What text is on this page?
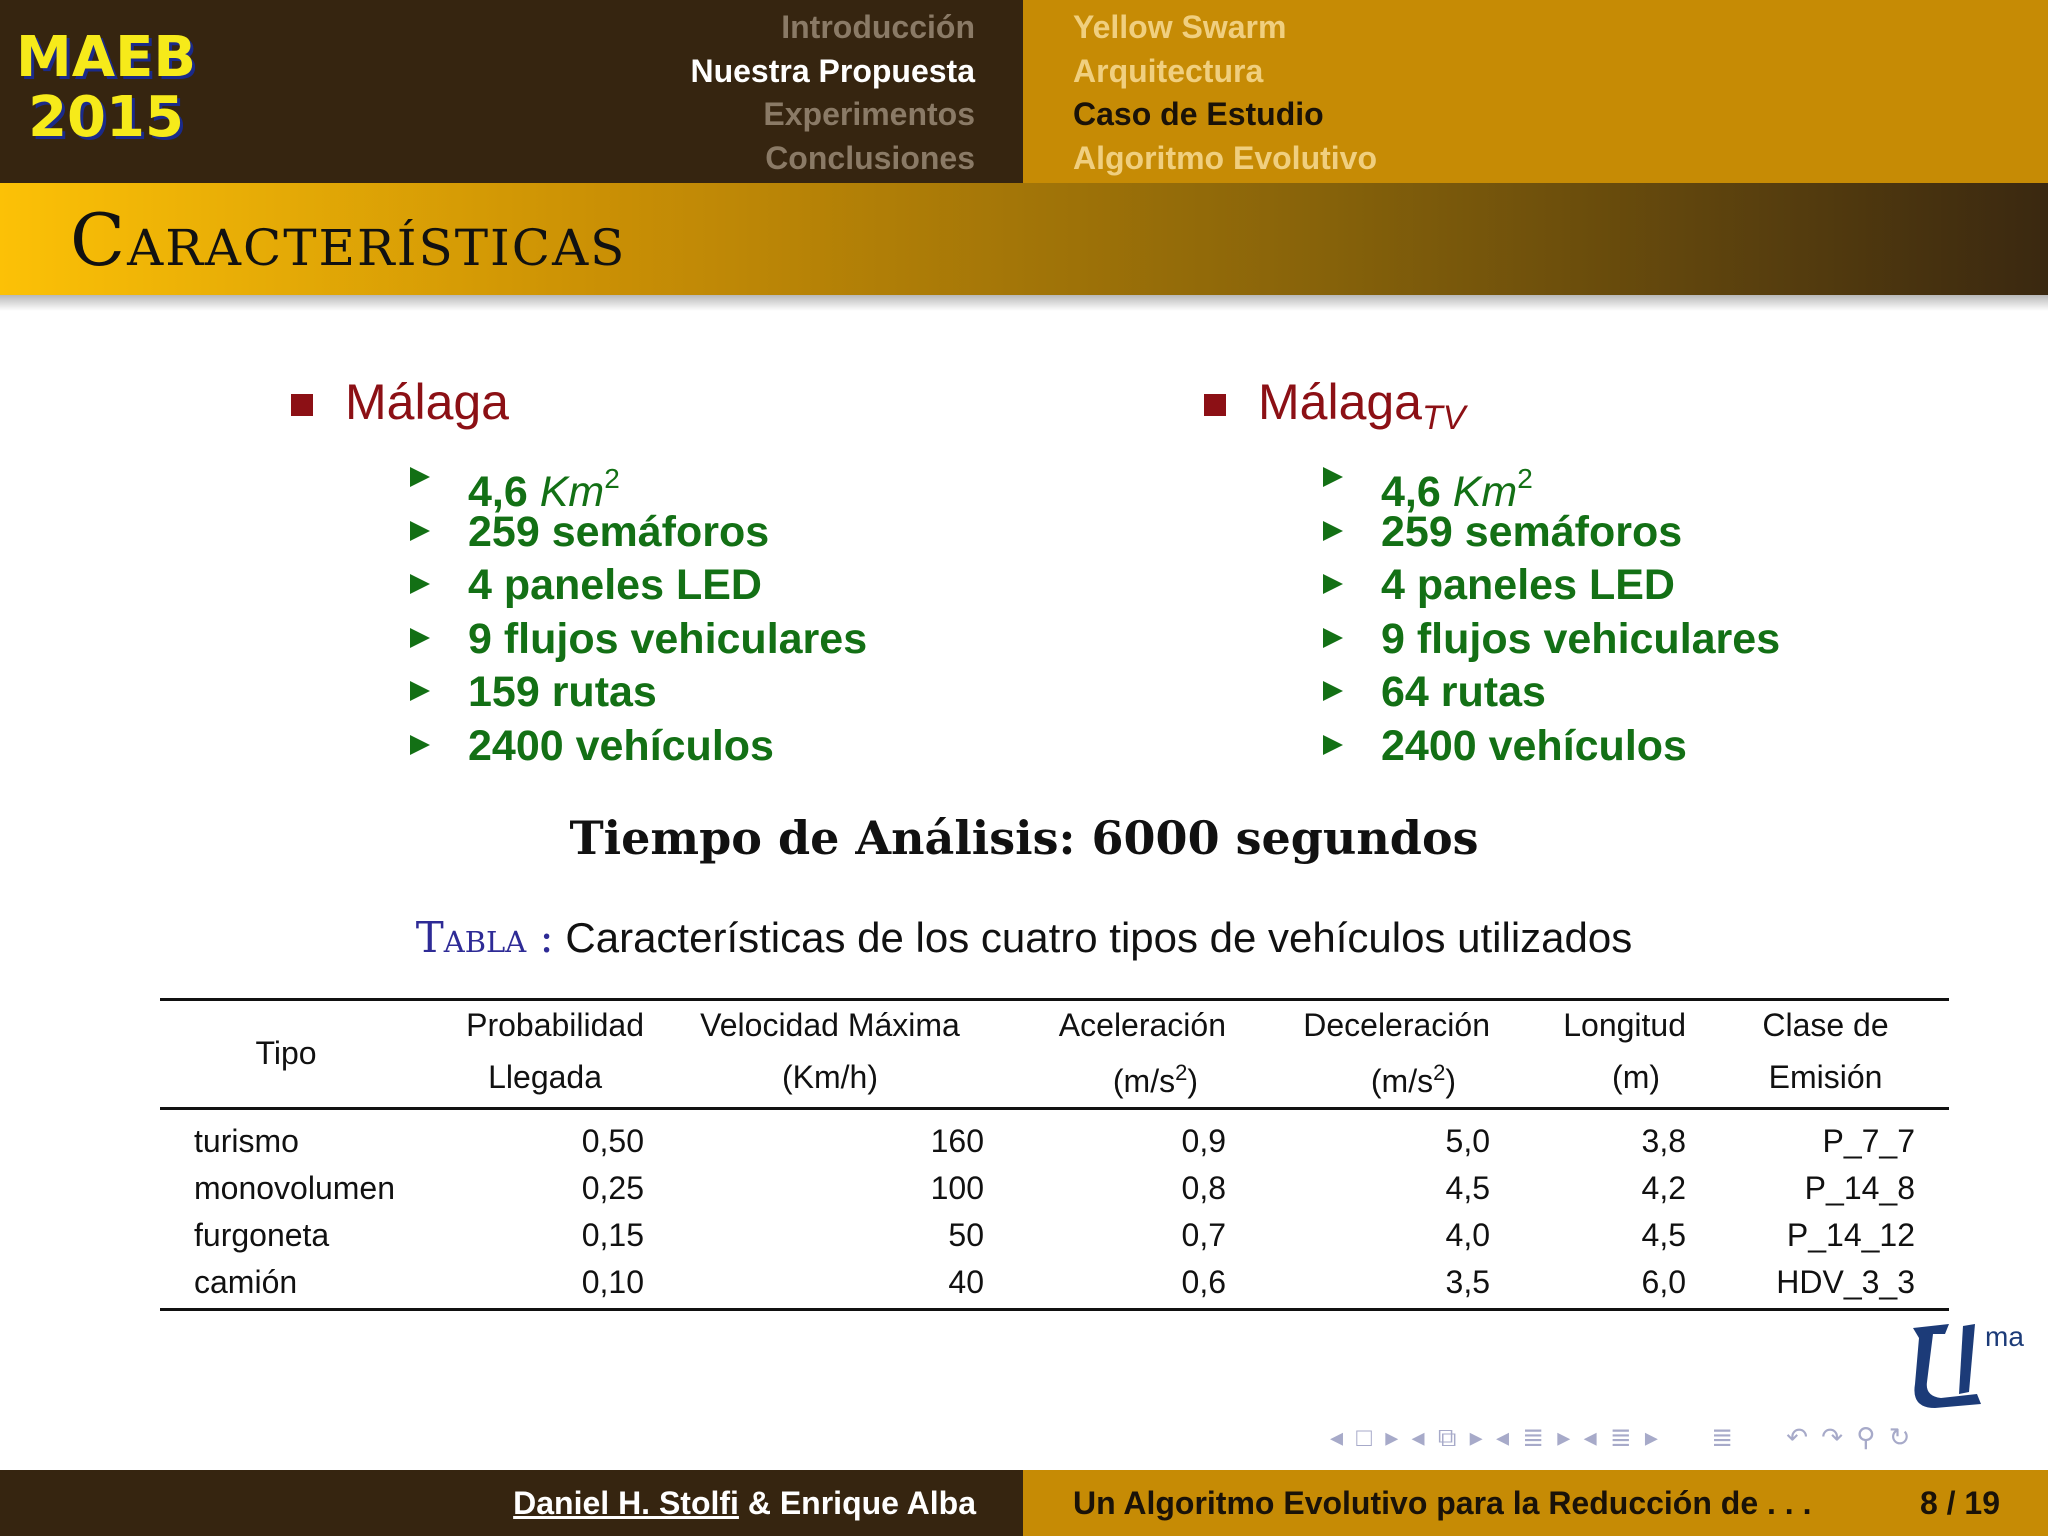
MAEB
2015
Introducción
Nuestra Propuesta
Experimentos
Conclusiones
Yellow Swarm
Arquitectura
Caso de Estudio
Algoritmo Evolutivo
Características
Málaga
4,6 Km$^2$
259 semáforos
4 paneles LED
9 flujos vehiculares
159 rutas
2400 vehículos
Málaga$_{TV}$
4,6 Km$^2$
259 semáforos
4 paneles LED
9 flujos vehiculares
64 rutas
2400 vehículos
Tiempo de Análisis: 6000 segundos
Tabla : Características de los cuatro tipos de vehículos utilizados
	Probabilidad	Velocidad Máxima	Aceleración	Deceleración	Longitud	Clase de
Tipo	Llegada	(Km/h)	$(m/s^2)$	$(m/s^2)$	(m)	Emisión
turismo	0,50	160	0,9	5,0	3,8	P_7_7
monovolumen	0,25	100	0,8	4,5	4,2	P_14_8
furgoneta	0,15	50	0,7	4,0	4,5	P_14_12
camión	0,10	40	0,6	3,5	6,0	HDV_3_3
ma
◂ □ ▸ ◂ ⧉ ▸ ◂ ≣ ▸ ◂ ≣ ▸ ≣ ↶ ↷ ⚲ ↻
Daniel H. Stolfi & Enrique Alba	Un Algoritmo Evolutivo para la Reducción de . . .	8 / 19
